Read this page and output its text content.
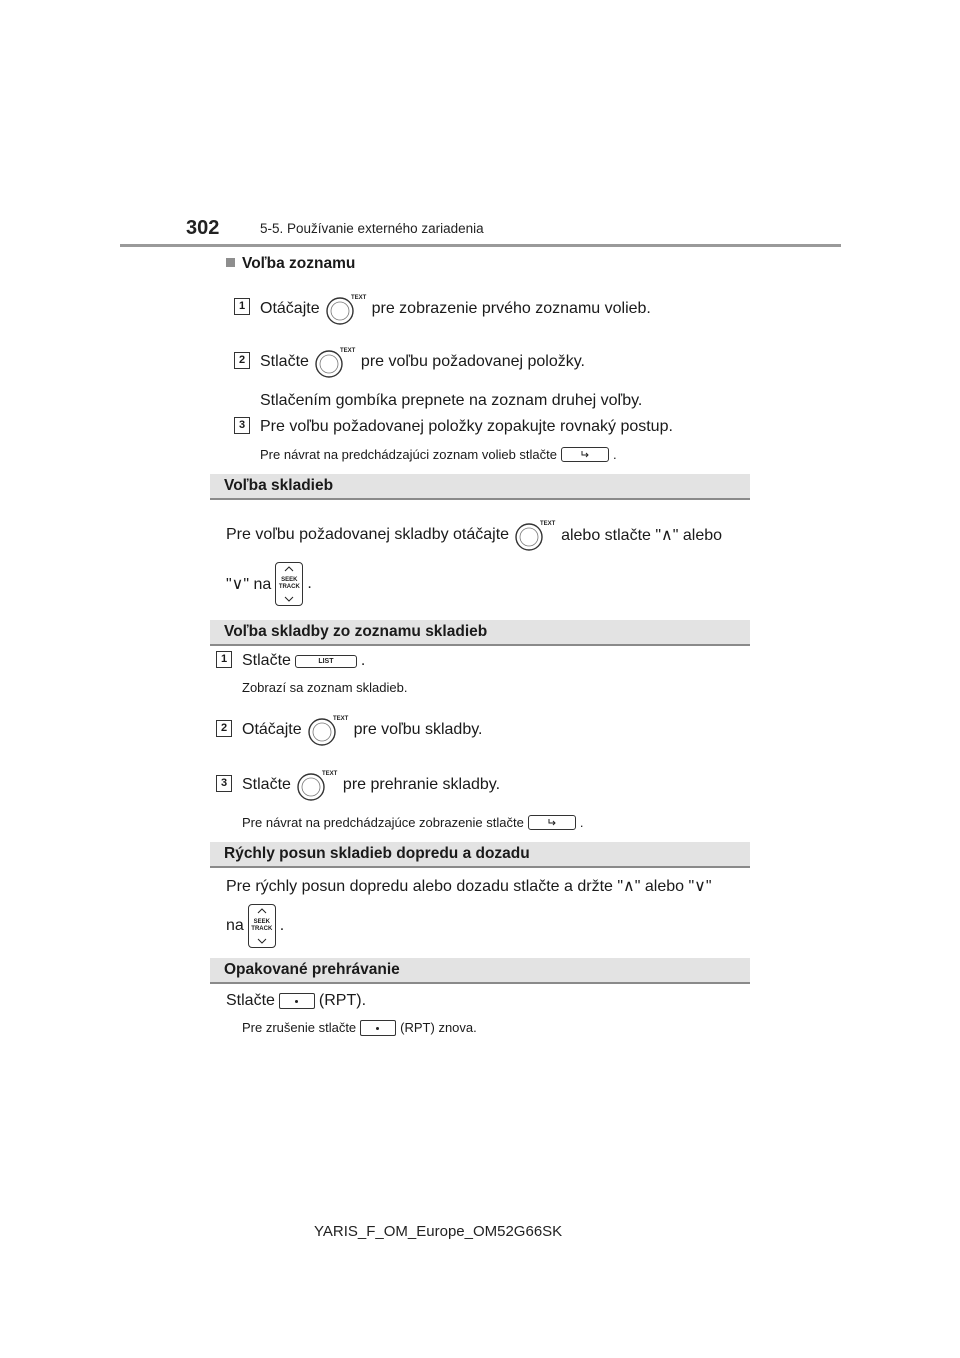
302	5-5. Používanie externého zariadenia
Voľba zoznamu
1 Otáčajte
TEXT
pre zobrazenie prvého zoznamu volieb.
2 Stlačte
TEXT
pre voľbu požadovanej položky.
Stlačením gombíka prepnete na zoznam druhej voľby.
3 Pre voľbu požadovanej položky zopakujte rovnaký postup.
Pre návrat na predchádzajúci zoznam volieb stlačte	.
Voľba skladieb
Pre voľbu požadovanej skladby otáčajte
TEXT
alebo stlačte "∧" alebo
"∨" na	SEEK
TRACK .
Voľba skladby zo zoznamu skladieb
1 Stlačte	LIST .
Zobrazí sa zoznam skladieb.
2 Otáčajte
TEXT
pre voľbu skladby.
3 Stlačte
TEXT
pre prehranie skladby.
Pre návrat na predchádzajúce zobrazenie stlačte	.
Rýchly posun skladieb dopredu a dozadu
Pre rýchly posun dopredu alebo dozadu stlačte a držte "∧" alebo "∨"
na	SEEK
TRACK .
Opakované prehrávanie
Stlačte	(RPT).
Pre zrušenie stlačte	(RPT) znova.
YARIS_F_OM_Europe_OM52G66SK
